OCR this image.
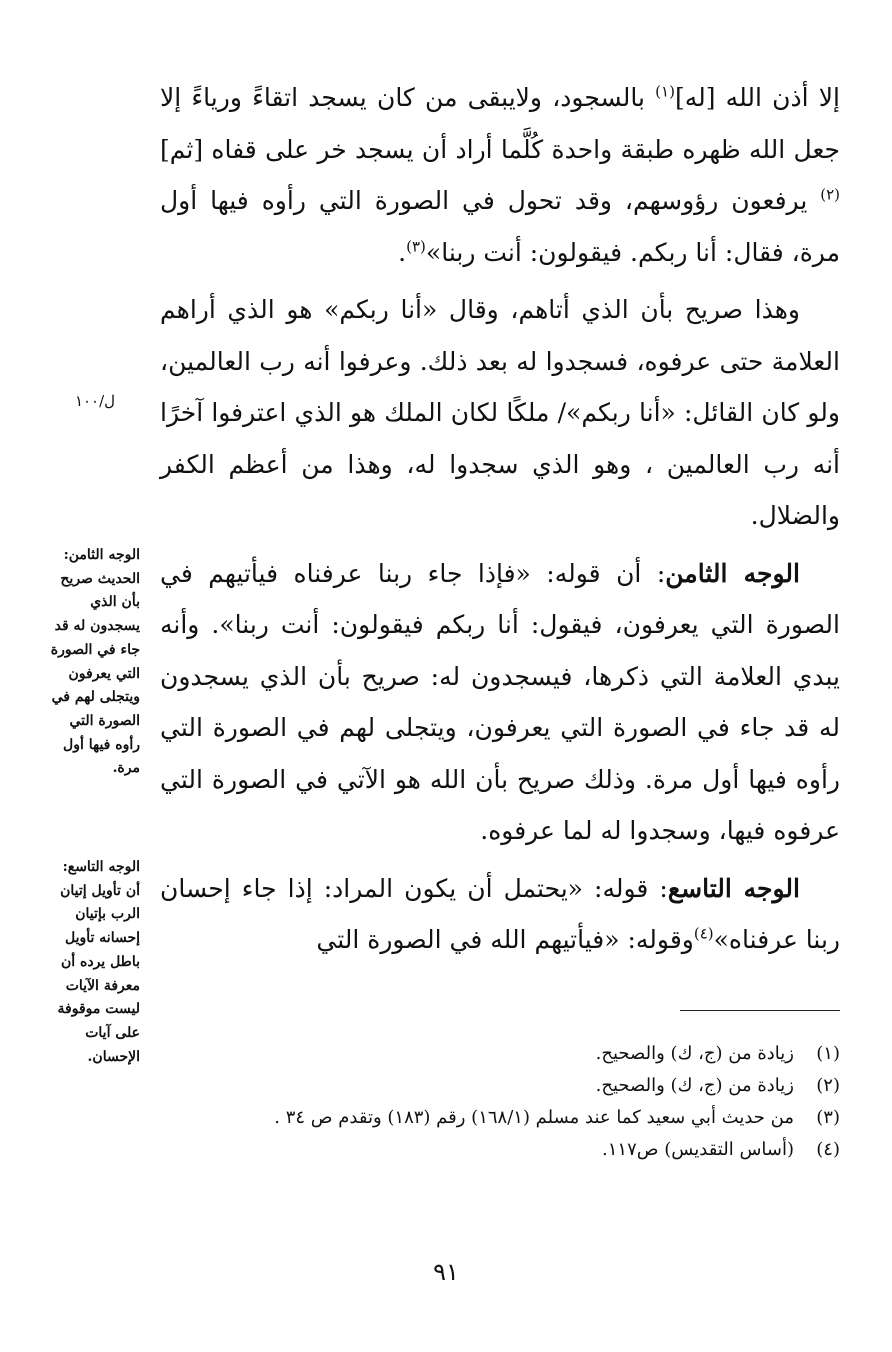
إلا أذن الله [له]$^{(١)}$ بالسجود، ولايبقى من كان يسجد اتقاءً ورياءً إلا جعل الله ظهره طبقة واحدة كُلَّما أراد أن يسجد خر على قفاه [ثم]$^{(٢)}$ يرفعون رؤوسهم، وقد تحول في الصورة التي رأوه فيها أول مرة، فقال: أنا ربكم. فيقولون: أنت ربنا»$^{(٣)}$.

وهذا صريح بأن الذي أتاهم، وقال «أنا ربكم» هو الذي أراهم العلامة حتى عرفوه، فسجدوا له بعد ذلك. وعرفوا أنه رب العالمين، ولو كان القائل: «أنا ربكم»/ ملكًا لكان الملك هو الذي اعترفوا آخرًا أنه رب العالمين ، وهو الذي سجدوا له، وهذا من أعظم الكفر والضلال.

الوجه الثامن: أن قوله: «فإذا جاء ربنا عرفناه فيأتيهم في الصورة التي يعرفون، فيقول: أنا ربكم فيقولون: أنت ربنا». وأنه يبدي العلامة التي ذكرها، فيسجدون له: صريح بأن الذي يسجدون له قد جاء في الصورة التي يعرفون، ويتجلى لهم في الصورة التي رأوه فيها أول مرة. وذلك صريح بأن الله هو الآتي في الصورة التي عرفوه فيها، وسجدوا له لما عرفوه.

الوجه التاسع: قوله: «يحتمل أن يكون المراد: إذا جاء إحسان ربنا عرفناه»$^{(٤)}$وقوله: «فيأتيهم الله في الصورة التي

ل/١٠٠
الوجه الثامن: الحديث صريح بأن الذي يسجدون له قد جاء في الصورة التي يعرفون ويتجلى لهم في الصورة التي رأوه فيها أول مرة.
الوجه التاسع: أن تأويل إتيان الرب بإتيان إحسانه تأويل باطل يرده أن معرفة الآيات ليست موقوفة على آيات الإحسان.	(١)
زيادة من (ج، ك) والصحيح.
(٢)
زيادة من (ج، ك) والصحيح.
(٣)
من حديث أبي سعيد كما عند مسلم (١٦٨/١) رقم (١٨٣) وتقدم ص ٣٤ .
(٤)
(أساس التقديس) ص١١٧.
٩١
